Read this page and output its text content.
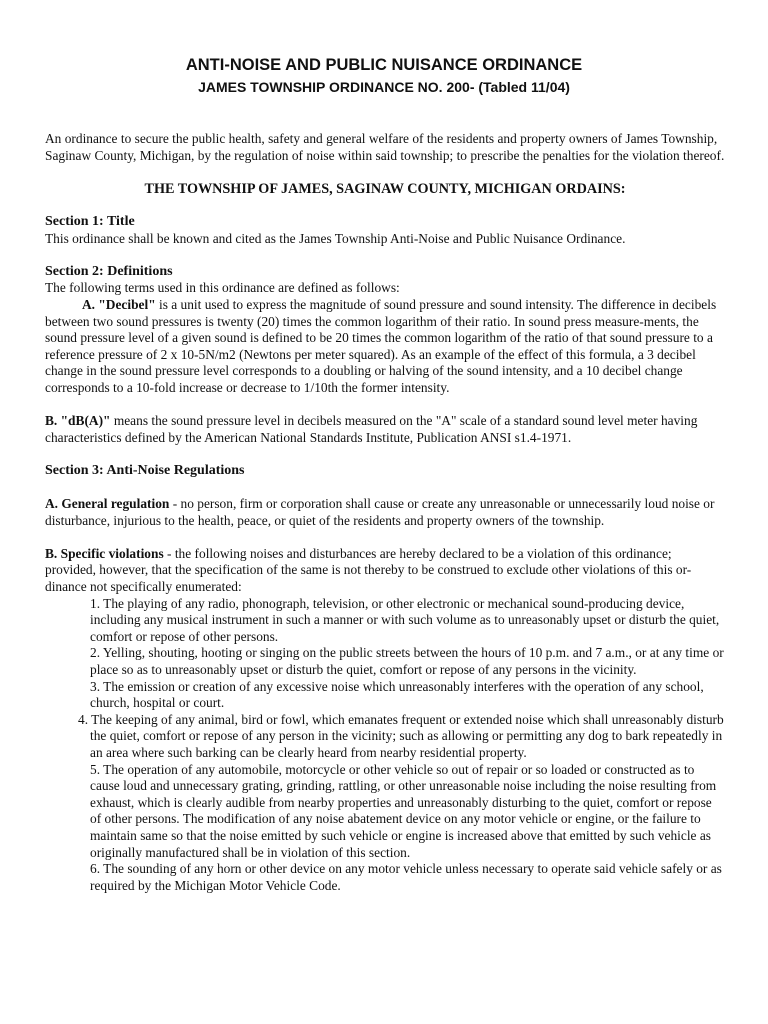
ANTI-NOISE AND PUBLIC NUISANCE ORDINANCE
JAMES TOWNSHIP ORDINANCE NO. 200- (Tabled 11/04)

An ordinance to secure the public health, safety and general welfare of the residents and property owners of James Township, Saginaw County, Michigan, by the regulation of noise within said township; to prescribe the penalties for the violation thereof.

THE TOWNSHIP OF JAMES, SAGINAW COUNTY, MICHIGAN ORDAINS:

Section 1: Title

This ordinance shall be known and cited as the James Township Anti-Noise and Public Nuisance Ordinance.

Section 2: Definitions

The following terms used in this ordinance are defined as follows:

A. "Decibel" is a unit used to express the magnitude of sound pressure and sound intensity. The difference in decibels between two sound pressures is twenty (20) times the common logarithm of their ratio. In sound press measure-ments, the sound pressure level of a given sound is defined to be 20 times the common logarithm of the ratio of that sound pressure to a reference pressure of 2 x 10-5N/m2 (Newtons per meter squared). As an example of the effect of this formula, a 3 decibel change in the sound pressure level corresponds to a doubling or halving of the sound intensity, and a 10 decibel change corresponds to a 10-fold increase or decrease to 1/10th the former intensity.

B. "dB(A)" means the sound pressure level in decibels measured on the "A" scale of a standard sound level meter having characteristics defined by the American National Standards Institute, Publication ANSI s1.4-1971.

Section 3: Anti-Noise Regulations

A. General regulation - no person, firm or corporation shall cause or create any unreasonable or unnecessarily loud noise or disturbance, injurious to the health, peace, or quiet of the residents and property owners of the township.

B. Specific violations - the following noises and disturbances are hereby declared to be a violation of this ordinance; provided, however, that the specification of the same is not thereby to be construed to exclude other violations of this or-dinance not specifically enumerated:

1. The playing of any radio, phonograph, television, or other electronic or mechanical sound-producing device, including any musical instrument in such a manner or with such volume as to unreasonably upset or disturb the quiet, comfort or repose of other persons.

2. Yelling, shouting, hooting or singing on the public streets between the hours of 10 p.m. and 7 a.m., or at any time or place so as to unreasonably upset or disturb the quiet, comfort or repose of any persons in the vicinity.

3. The emission or creation of any excessive noise which unreasonably interferes with the operation of any school, church, hospital or court.

4. The keeping of any animal, bird or fowl, which emanates frequent or extended noise which shall unreasonably disturb the quiet, comfort or repose of any person in the vicinity; such as allowing or permitting any dog to bark repeatedly in an area where such barking can be clearly heard from nearby residential property.

5. The operation of any automobile, motorcycle or other vehicle so out of repair or so loaded or constructed as to cause loud and unnecessary grating, grinding, rattling, or other unreasonable noise including the noise resulting from exhaust, which is clearly audible from nearby properties and unreasonably disturbing to the quiet, comfort or repose of other persons. The modification of any noise abatement device on any motor vehicle or engine, or the failure to maintain same so that the noise emitted by such vehicle or engine is increased above that emitted by such vehicle as originally manufactured shall be in violation of this section.

6. The sounding of any horn or other device on any motor vehicle unless necessary to operate said vehicle safely or as required by the Michigan Motor Vehicle Code.
